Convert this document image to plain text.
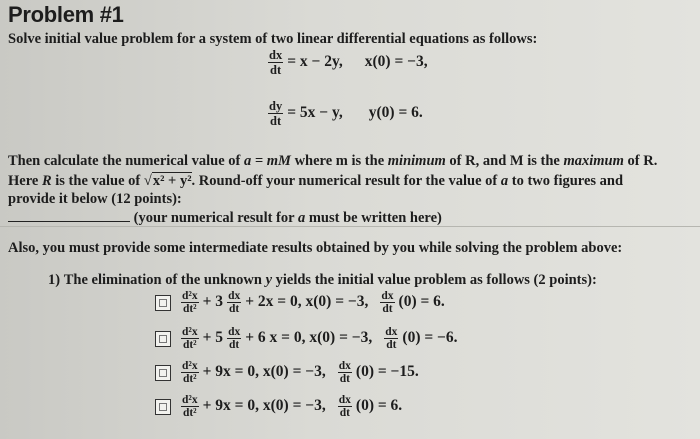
Problem #1
Solve initial value problem for a system of two linear differential equations as follows:
$\frac{dx}{dt} = x - 2y$, x(0) = −3,
$\frac{dy}{dt} = 5x - y$, y(0) = 6.
Then calculate the numerical value of a = mM where m is the minimum of R, and M is the maximum of R.
Here R is the value of √x² + y². Round-off your numerical result for the value of a to two figures and
provide it below (12 points):
(your numerical result for a must be written here)
Also, you must provide some intermediate results obtained by you while solving the problem above:
1) The elimination of the unknown y yields the initial value problem as follows (2 points):

$\frac{\text{d²x}}{\text{dt²}} + 3 \frac{dx}{dt} + 2x = 0$, x(0) = −3, $\frac{dx}{dt} (0) = 6$.

$\frac{\text{d²x}}{\text{dt²}} + 5 \frac{dx}{dt} + 6$ x = 0, x(0) = −3, $\frac{dx}{dt} (0) = -6$.

$\frac{\text{d²x}}{\text{dt²}} + 9x = 0$, x(0) = −3, $\frac{dx}{dt} (0) = -15$.

$\frac{\text{d²x}}{\text{dt²}} + 9x = 0$, x(0) = −3, $\frac{dx}{dt} (0) = 6$.
